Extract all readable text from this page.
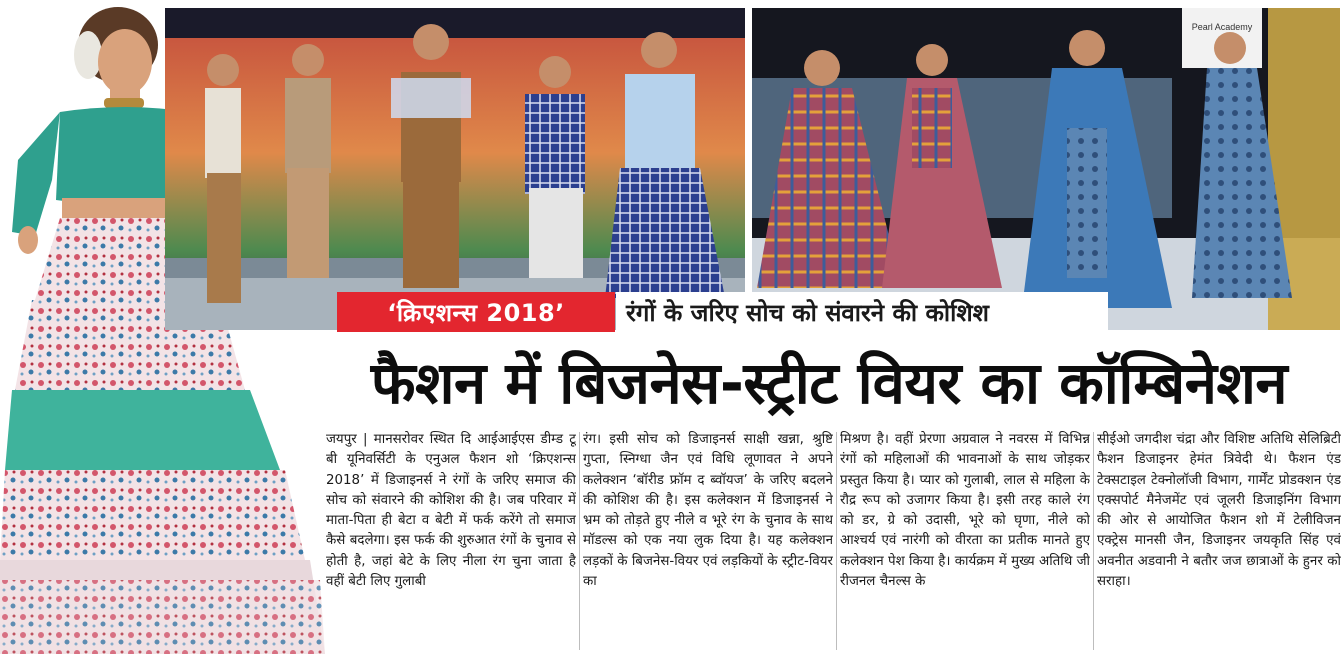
Pearl Academy
‘क्रिएशन्स 2018’	रंगों के जरिए सोच को संवारने की कोशिश
फैशन में बिजनेस-स्ट्रीट वियर का कॉम्बिनेशन
जयपुर | मानसरोवर स्थित दि आईआईएस डीम्ड टू बी यूनिवर्सिटी के एनुअल फैशन शो ‘क्रिएशन्स 2018’ में डिजाइनर्स ने रंगों के जरिए समाज की सोच को संवारने की कोशिश की है। जब परिवार में माता-पिता ही बेटा व बेटी में फर्क करेंगे तो समाज कैसे बदलेगा। इस फर्क की शुरुआत रंगों के चुनाव से होती है, जहां बेटे के लिए नीला रंग चुना जाता है वहीं बेटी लिए गुलाबी
रंग। इसी सोच को डिजाइनर्स साक्षी खन्ना, श्रुष्टि गुप्ता, स्निग्धा जैन एवं विधि लूणावत ने अपने कलेक्शन ‘बॉरीड फ्रॉम द ब्वॉयज’ के जरिए बदलने की कोशिश की है। इस कलेक्शन में डिजाइनर्स ने भ्रम को तोड़ते हुए नीले व भूरे रंग के चुनाव के साथ मॉडल्स को एक नया लुक दिया है। यह कलेक्शन लड़कों के बिजनेस-वियर एवं लड़कियों के स्ट्रीट-वियर का
मिश्रण है। वहीं प्रेरणा अग्रवाल ने नवरस में विभिन्न रंगों को महिलाओं की भावनाओं के साथ जोड़कर प्रस्तुत किया है। प्यार को गुलाबी, लाल से महिला के रौद्र रूप को उजागर किया है। इसी तरह काले रंग को डर, ग्रे को उदासी, भूरे को घृणा, नीले को आश्चर्य एवं नारंगी को वीरता का प्रतीक मानते हुए कलेक्शन पेश किया है। कार्यक्रम में मुख्य अतिथि जी रीजनल चैनल्स के
सीईओ जगदीश चंद्रा और विशिष्ट अतिथि सेलिब्रिटी फैशन डिजाइनर हेमंत त्रिवेदी थे। फैशन एंड टेक्सटाइल टेक्नोलॉजी विभाग, गार्मेंट प्रोडक्शन एंड एक्सपोर्ट मैनेजमेंट एवं जूलरी डिजाइनिंग विभाग की ओर से आयोजित फैशन शो में टेलीविजन एक्ट्रेस मानसी जैन, डिजाइनर जयकृति सिंह एवं अवनीत अडवानी ने बतौर जज छात्राओं के हुनर को सराहा।
